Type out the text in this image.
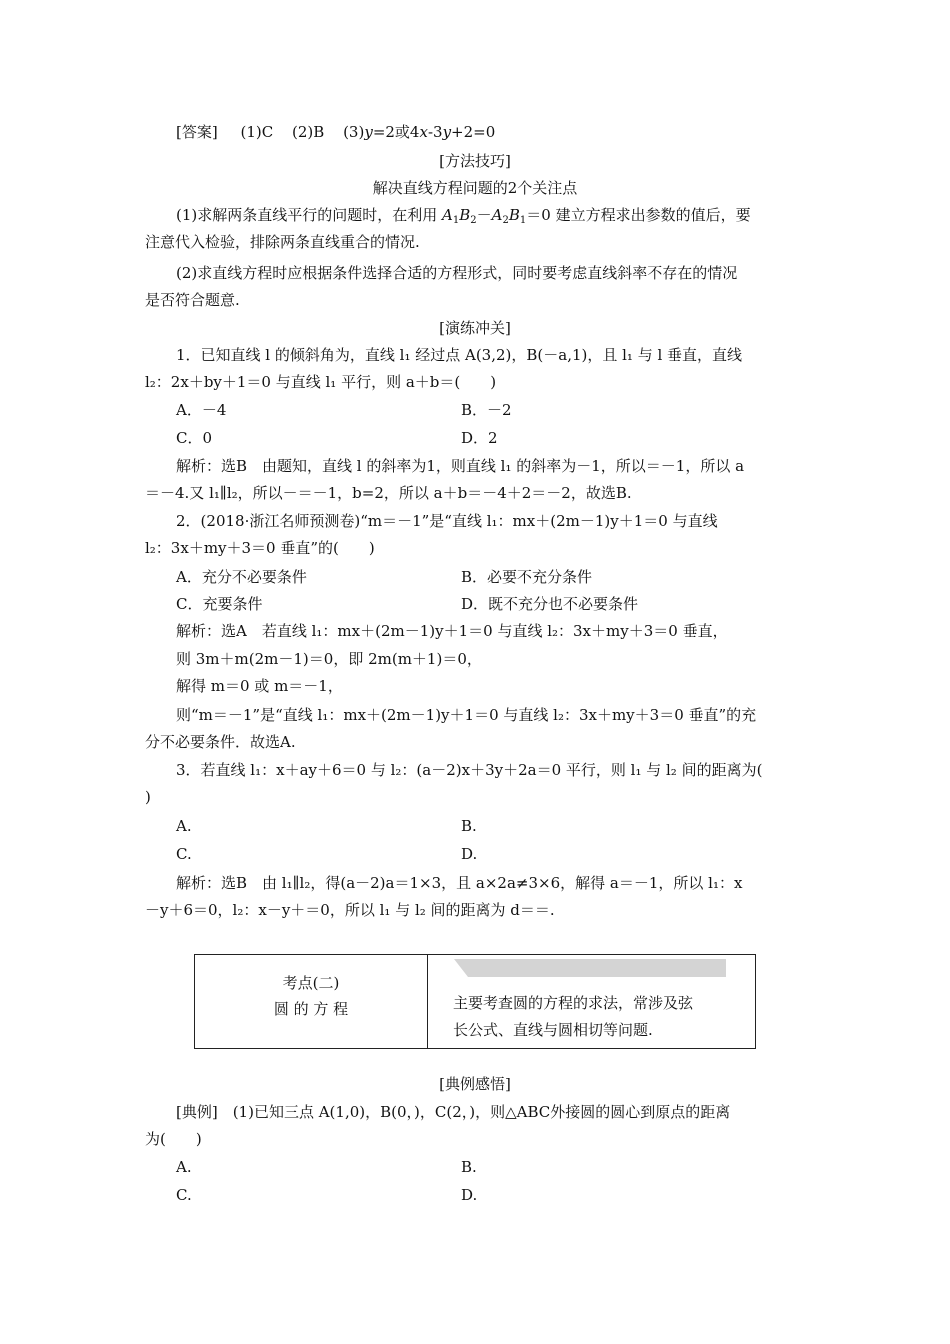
[答案] (1)C (2)B (3)y=2或4x-3y+2=0
[方法技巧]
解决直线方程问题的2个关注点
(1)求解两条直线平行的问题时，在利用 $A_1B_2-A_2B_1=0$ 建立方程求出参数的值后，要
注意代入检验，排除两条直线重合的情况.
(2)求直线方程时应根据条件选择合适的方程形式，同时要考虑直线斜率不存在的情况
是否符合题意.
[演练冲关]
1．已知直线 l 的倾斜角为，直线 l₁ 经过点 A(3,2)，B(－a,1)，且 l₁ 与 l 垂直，直线
l₂：2x＋by＋1＝0 与直线 l₁ 平行，则 a＋b＝(　　)
A．－4	B．－2
C．0	D．2
解析：选B　由题知，直线 l 的斜率为1，则直线 l₁ 的斜率为－1，所以＝－1，所以 a
＝－4.又 l₁∥l₂，所以－＝－1，b=2，所以 a＋b＝－4＋2＝－2，故选B.
2．(2018·浙江名师预测卷)“m＝－1”是“直线 l₁：mx＋(2m－1)y＋1＝0 与直线
l₂：3x＋my＋3＝0 垂直”的(　　)
A．充分不必要条件	B．必要不充分条件
C．充要条件	D．既不充分也不必要条件
解析：选A　若直线 l₁：mx＋(2m－1)y＋1＝0 与直线 l₂：3x＋my＋3＝0 垂直，
则 3m＋m(2m－1)＝0，即 2m(m＋1)＝0，
解得 m＝0 或 m＝－1，
则“m＝－1”是“直线 l₁：mx＋(2m－1)y＋1＝0 与直线 l₂：3x＋my＋3＝0 垂直”的充
分不必要条件．故选A.
3．若直线 l₁：x＋ay＋6＝0 与 l₂：(a－2)x＋3y＋2a＝0 平行，则 l₁ 与 l₂ 间的距离为(
)
A.	B.
C.	D.
解析：选B　由 l₁∥l₂，得(a－2)a＝1×3，且 a×2a≠3×6，解得 a＝－1，所以 l₁：x
－y＋6＝0，l₂：x－y＋＝0，所以 l₁ 与 l₂ 间的距离为 d＝＝.
考点(二)
圆 的 方 程	主要考查圆的方程的求法，常涉及弦
长公式、直线与圆相切等问题.
[典例感悟]
[典例]　(1)已知三点 A(1,0)，B(0，)，C(2，)，则△ABC外接圆的圆心到原点的距离
为(　　)
A.	B.
C.	D.
